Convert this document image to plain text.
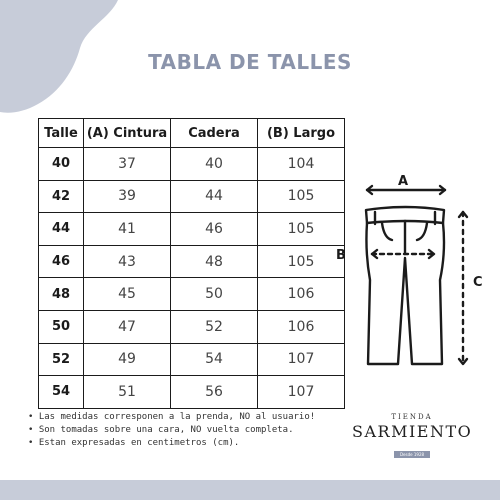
TABLA DE TALLES
Talle	(A) Cintura	Cadera	(B) Largo
40	37	40	104
42	39	44	105
44	41	46	105
46	43	48	105
48	45	50	106
50	47	52	106
52	49	54	107
54	51	56	107
A
B
C
• Las medidas corresponen a la prenda, NO al usuario!
• Son tomadas sobre una cara, NO vuelta completa.
• Estan expresadas en centimetros (cm).
TIENDA
SARMIENTO
Desde 1928
